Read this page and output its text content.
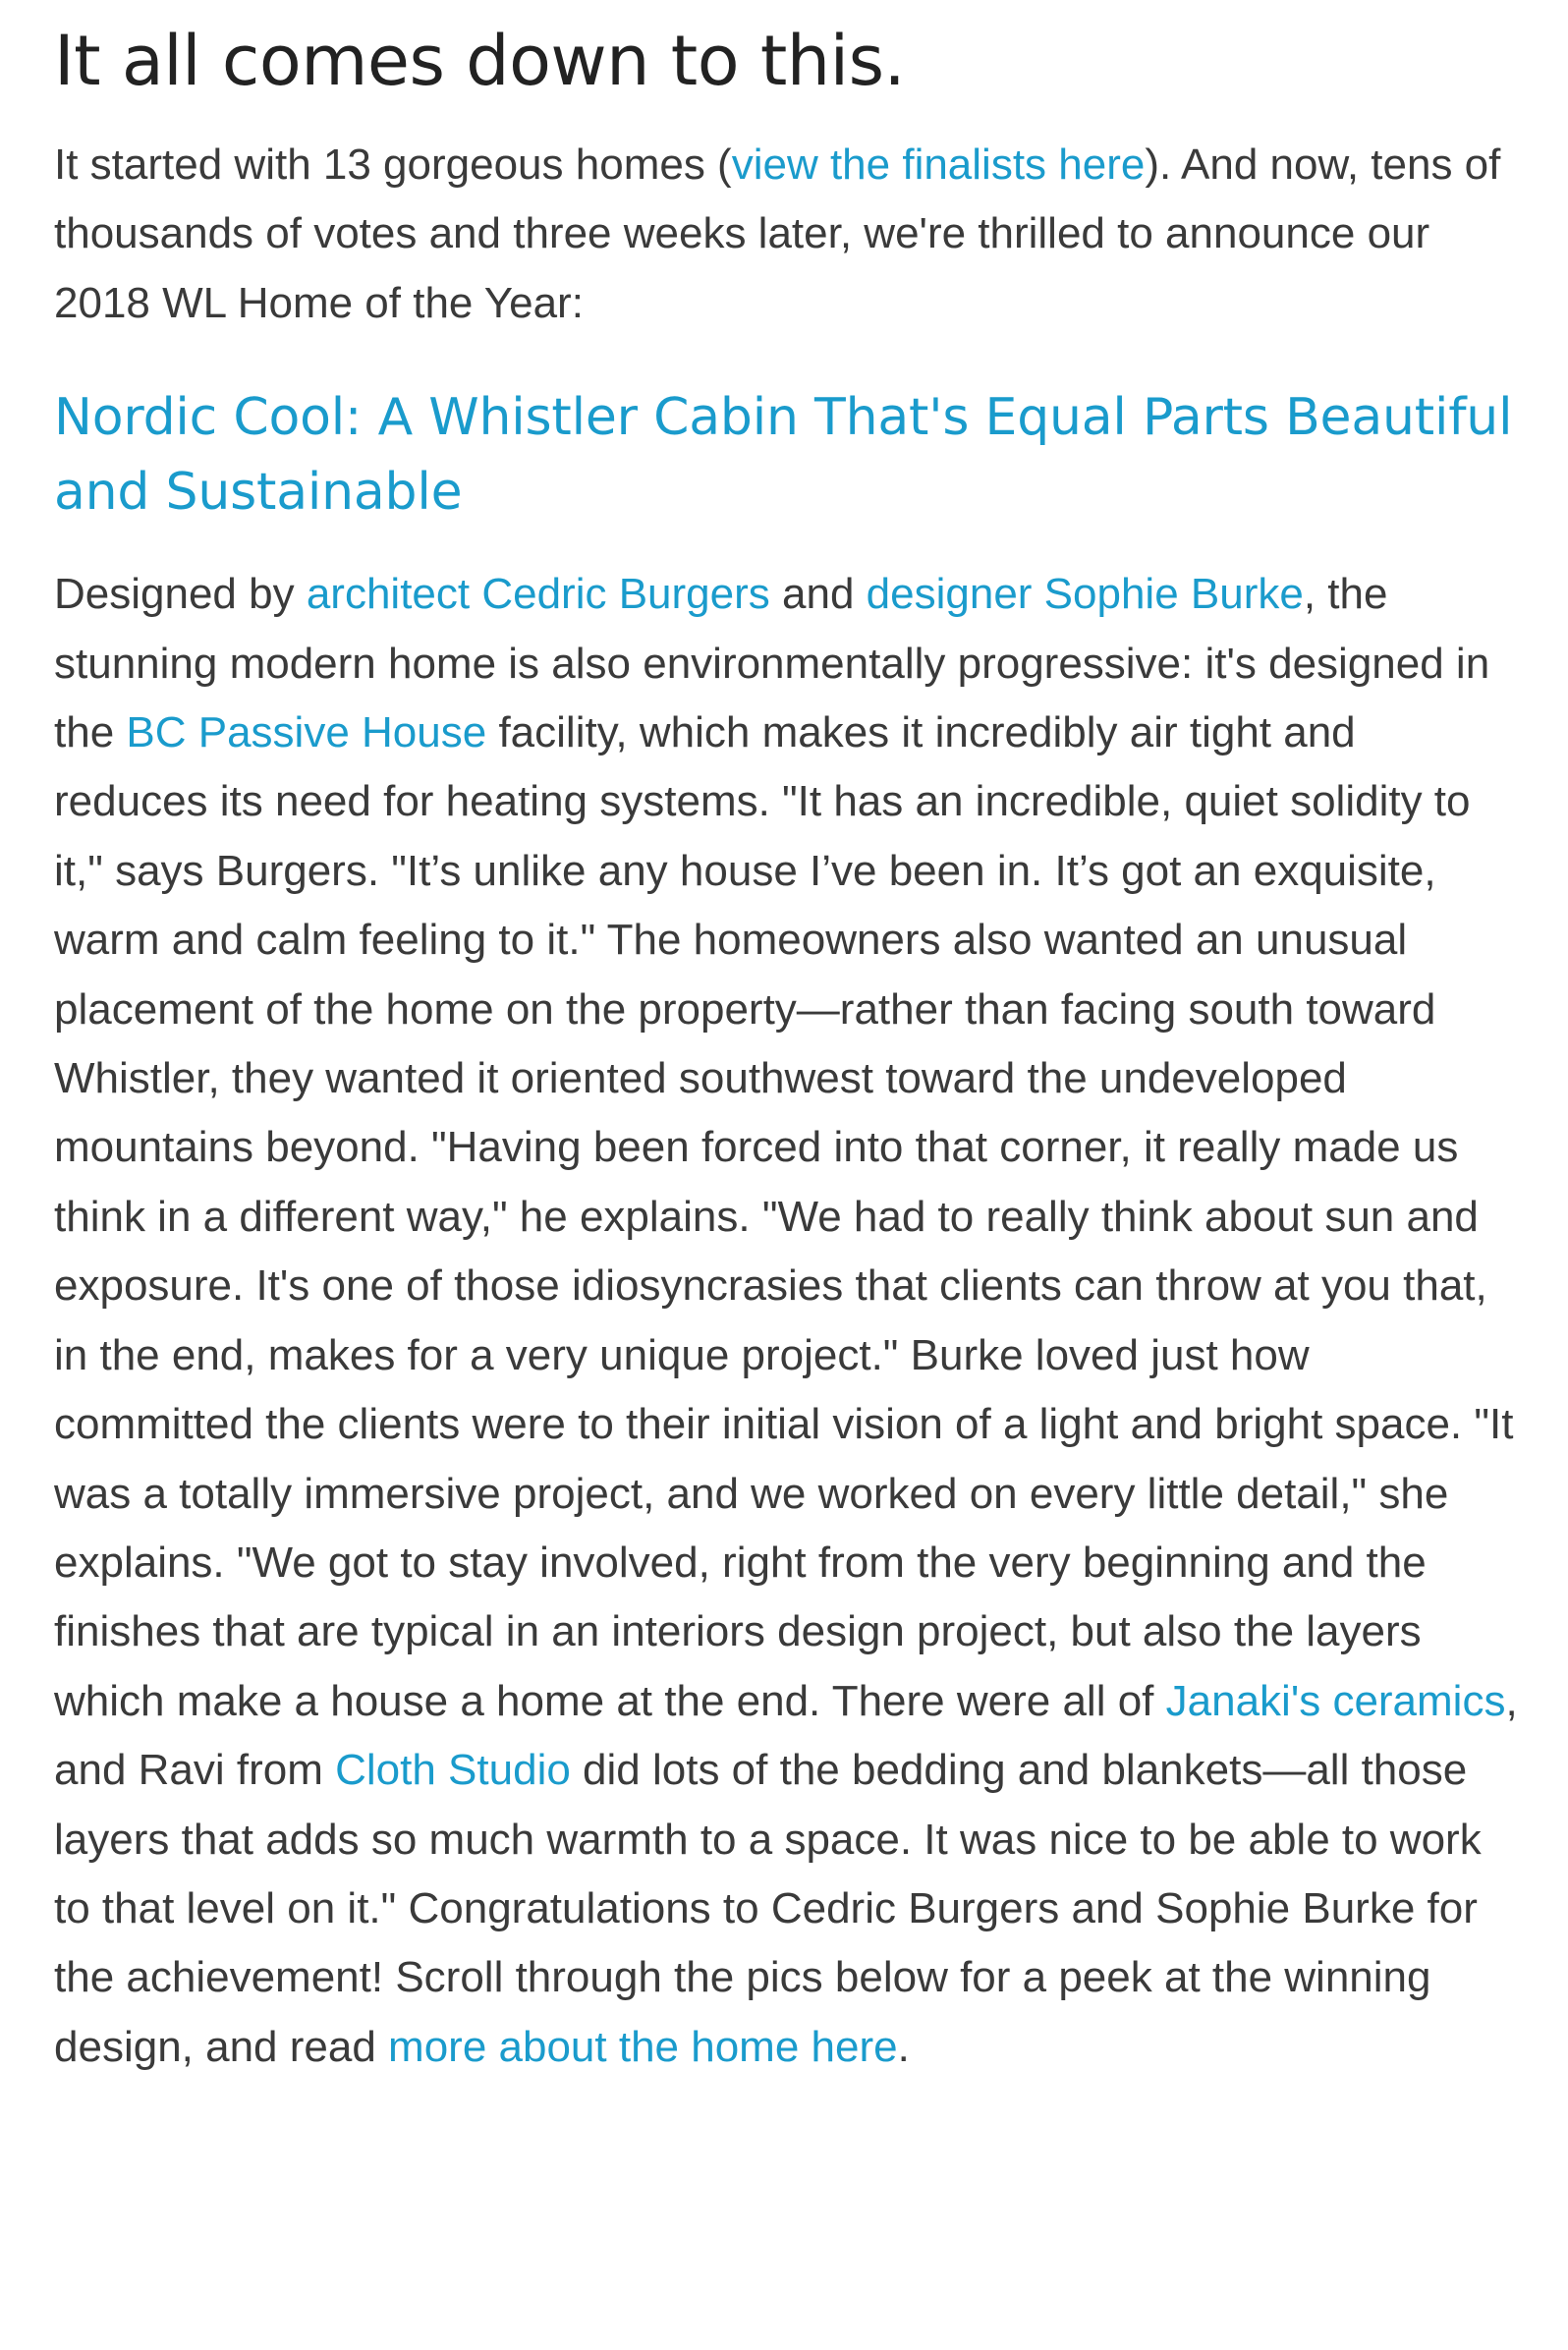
It all comes down to this.

It started with 13 gorgeous homes (view the finalists here). And now, tens of thousands of votes and three weeks later, we're thrilled to announce our 2018 WL Home of the Year:

Nordic Cool: A Whistler Cabin That's Equal Parts Beautiful and Sustainable

Designed by architect Cedric Burgers and designer Sophie Burke, the stunning modern home is also environmentally progressive: it's designed in the BC Passive House facility, which makes it incredibly air tight and reduces its need for heating systems. "It has an incredible, quiet solidity to it," says Burgers. "It’s unlike any house I’ve been in. It’s got an exquisite, warm and calm feeling to it." The homeowners also wanted an unusual placement of the home on the property—rather than facing south toward Whistler, they wanted it oriented southwest toward the undeveloped mountains beyond. "Having been forced into that corner, it really made us think in a different way," he explains. "We had to really think about sun and exposure. It's one of those idiosyncrasies that clients can throw at you that, in the end, makes for a very unique project." Burke loved just how committed the clients were to their initial vision of a light and bright space. "It was a totally immersive project, and we worked on every little detail," she explains. "We got to stay involved, right from the very beginning and the finishes that are typical in an interiors design project, but also the layers which make a house a home at the end. There were all of Janaki's ceramics, and Ravi from Cloth Studio did lots of the bedding and blankets—all those layers that adds so much warmth to a space. It was nice to be able to work to that level on it." Congratulations to Cedric Burgers and Sophie Burke for the achievement! Scroll through the pics below for a peek at the winning design, and read more about the home here.
